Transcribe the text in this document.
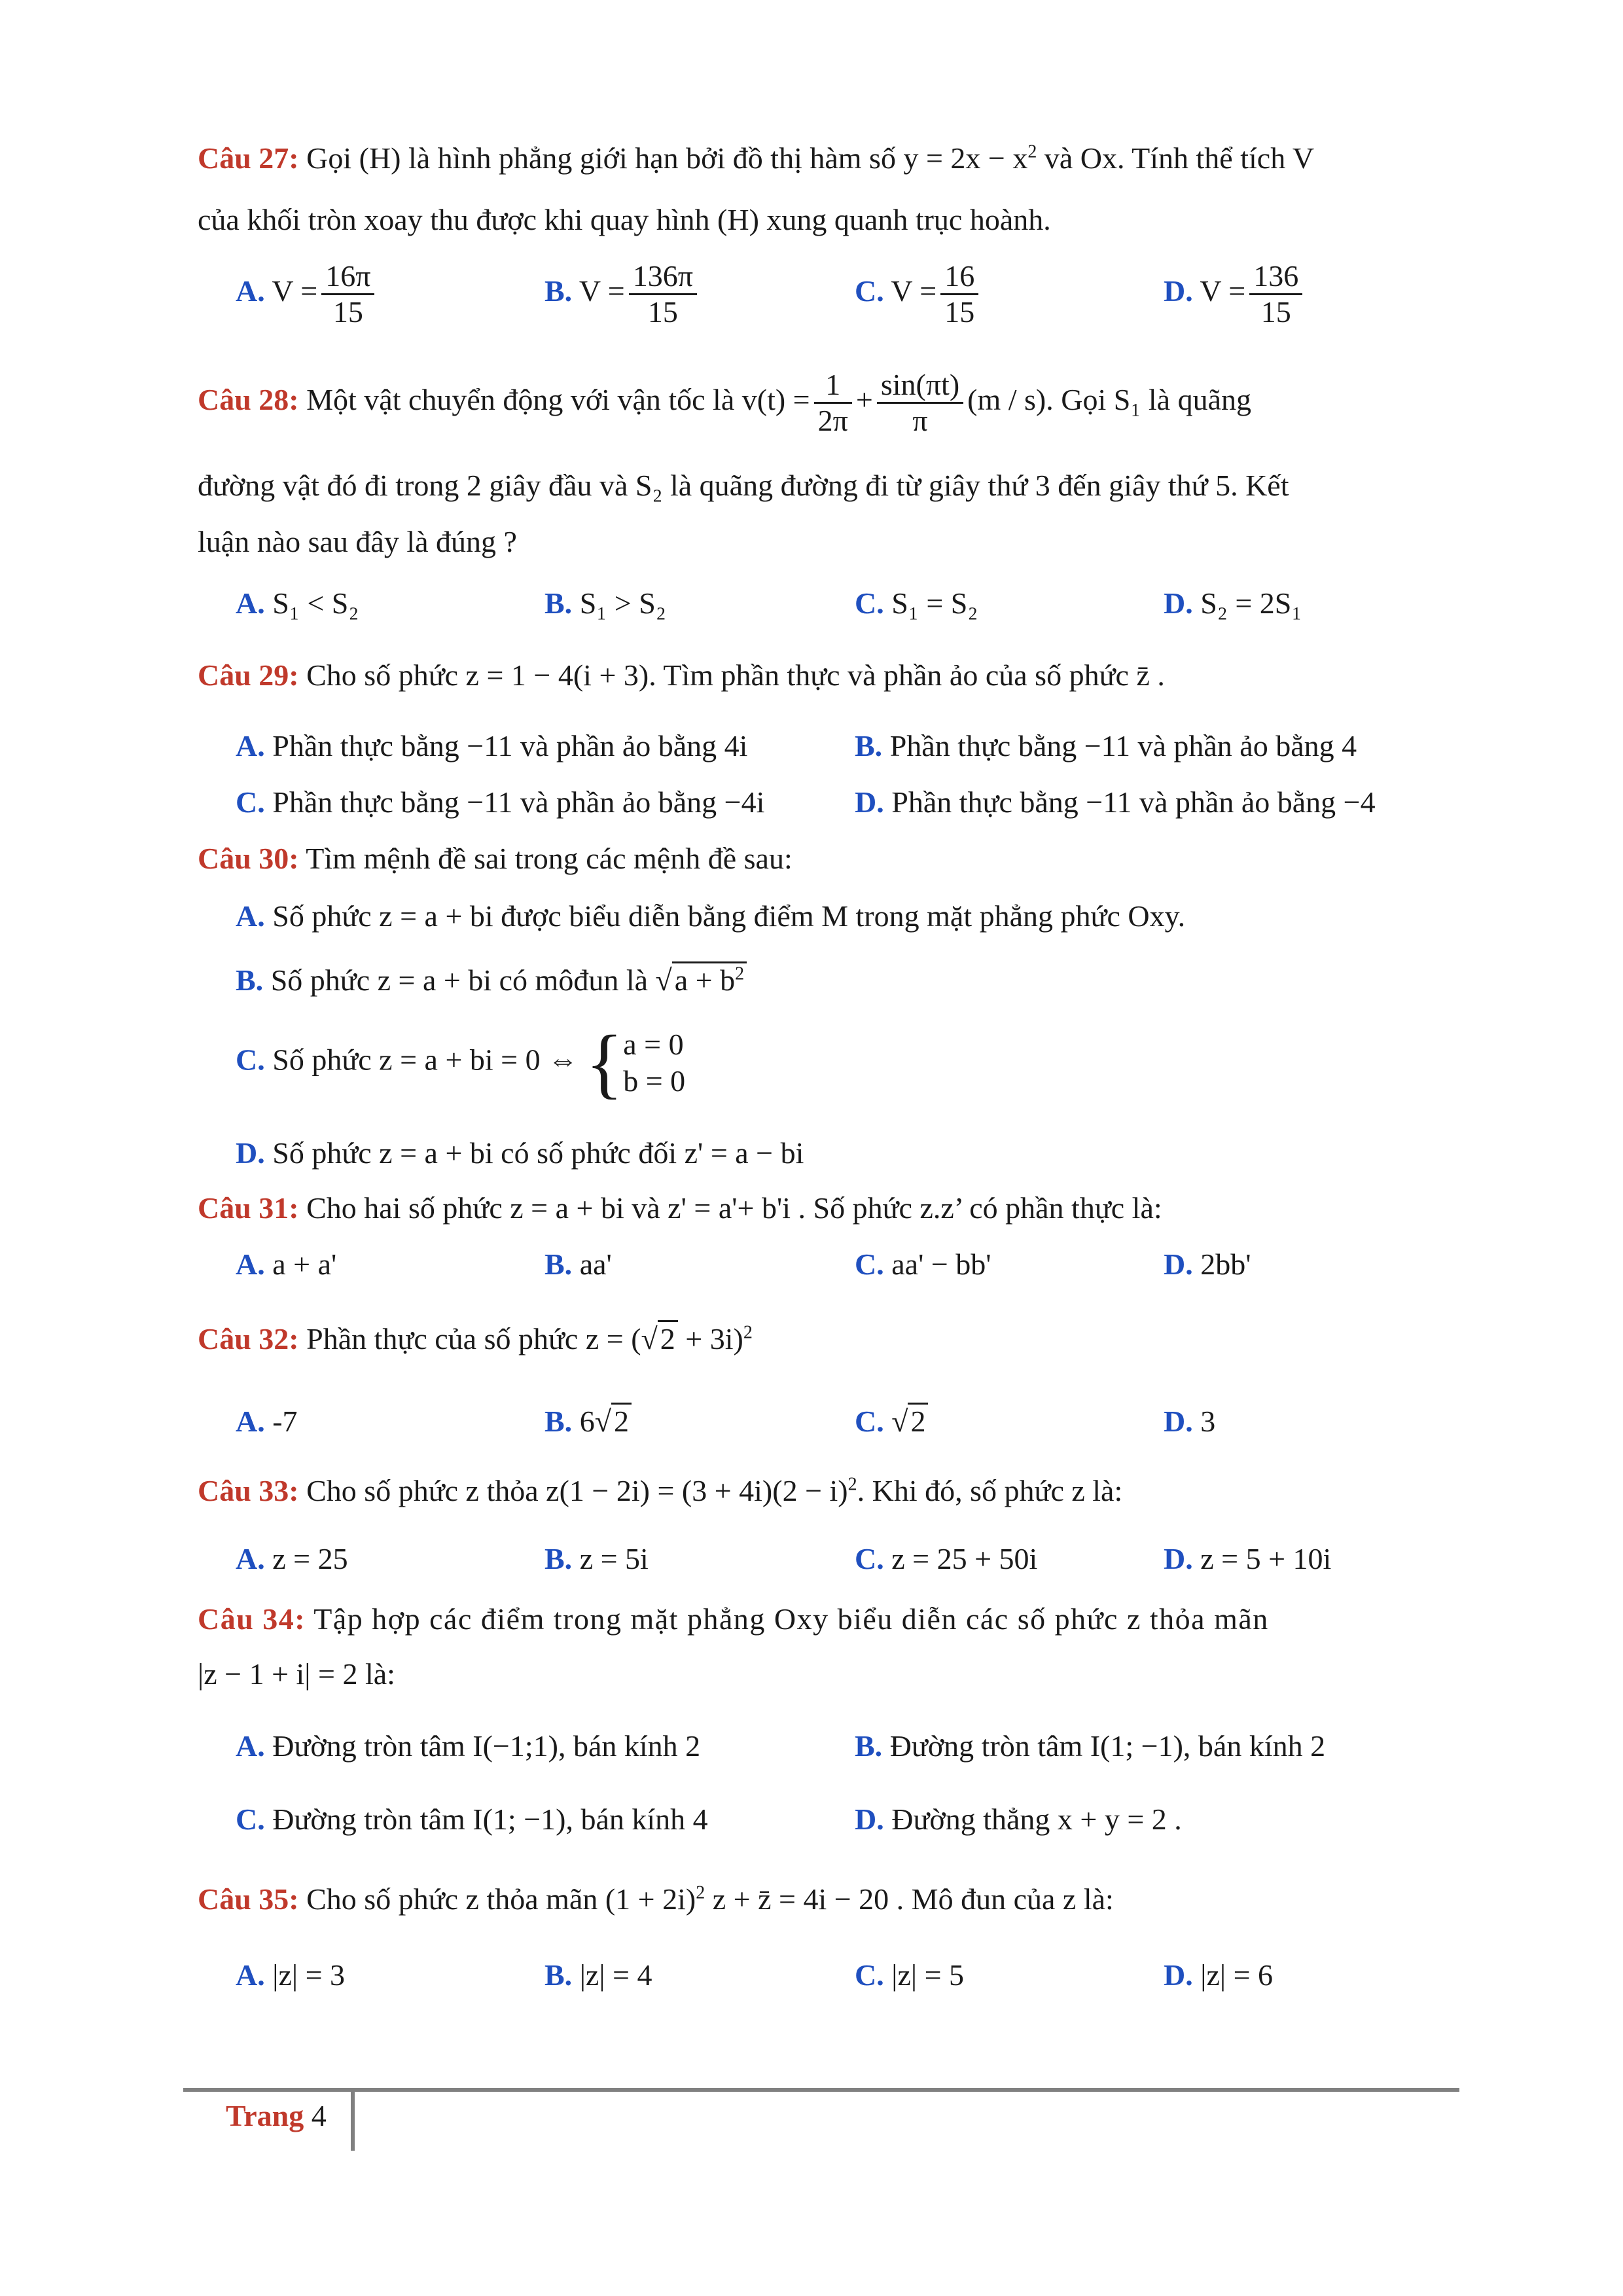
Câu 27: Gọi (H) là hình phẳng giới hạn bởi đồ thị hàm số $y = 2x - x^2$ và Ox. Tính thể tích V
của khối tròn xoay thu được khi quay hình (H) xung quanh trục hoành.
A. $V = \frac{16\pi}{15}$	B. $V = \frac{136\pi}{15}$	C. $V = \frac{16}{15}$	D. $V = \frac{136}{15}$
Câu 28: Một vật chuyển động với vận tốc là $v(t) = \frac{1}{2\pi} + \frac{\sin(\pi t)}{\pi} (m / s)$. Gọi S₁ là quãng
đường vật đó đi trong 2 giây đầu và S₂ là quãng đường đi từ giây thứ 3 đến giây thứ 5. Kết
luận nào sau đây là đúng ?
A. S₁ < S₂	B. S₁ > S₂	C. S₁ = S₂	D. S₂ = 2S₁
Câu 29: Cho số phức z = 1 − 4(i + 3). Tìm phần thực và phần ảo của số phức z̄ .
A. Phần thực bằng −11 và phần ảo bằng 4i	B. Phần thực bằng −11 và phần ảo bằng 4
C. Phần thực bằng −11 và phần ảo bằng −4i	D. Phần thực bằng −11 và phần ảo bằng −4
Câu 30: Tìm mệnh đề sai trong các mệnh đề sau:
A. Số phức z = a + bi được biểu diễn bằng điểm M trong mặt phẳng phức Oxy.
B. Số phức z = a + bi có môđun là $√a + b^2$
C. Số phức z = a + bi = 0 ⇔ { a = 0
b = 0
D. Số phức z = a + bi có số phức đối z' = a − bi
Câu 31: Cho hai số phức z = a + bi và z' = a'+ b'i . Số phức z.z’ có phần thực là:
A. a + a'	B. aa'	C. aa' − bb'	D. 2bb'
Câu 32: Phần thực của số phức $z = (√2 + 3i)^2$
A. -7	B. 6√2	C. √2	D. 3
Câu 33: Cho số phức z thỏa $z(1 - 2i) = (3 + 4i)(2 - i)^2$. Khi đó, số phức z là:
A. z = 25	B. z = 5i	C. z = 25 + 50i	D. z = 5 + 10i
Câu 34: Tập hợp các điểm trong mặt phẳng Oxy biểu diễn các số phức z thỏa mãn
|z − 1 + i| = 2 là:
A. Đường tròn tâm I(−1;1), bán kính 2	B. Đường tròn tâm I(1; −1), bán kính 2
C. Đường tròn tâm I(1; −1), bán kính 4	D. Đường thẳng x + y = 2 .
Câu 35: Cho số phức z thỏa mãn $(1 + 2i)^2$ z + z̄ = 4i − 20 . Mô đun của z là:
A. |z| = 3	B. |z| = 4	C. |z| = 5	D. |z| = 6
Trang 4
